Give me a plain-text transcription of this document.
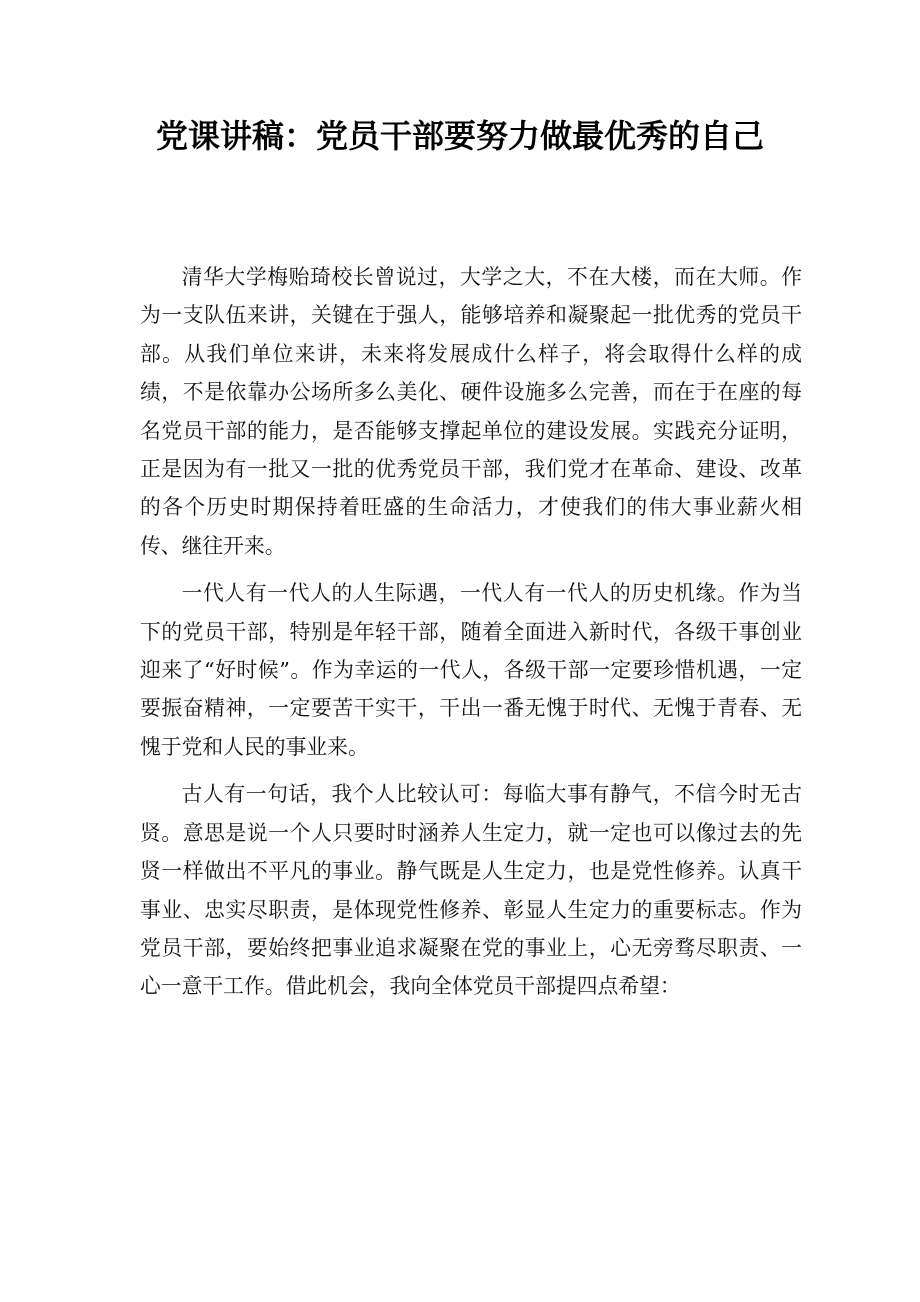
党课讲稿：党员干部要努力做最优秀的自己

清华大学梅贻琦校长曾说过，大学之大，不在大楼，而在大师。作为一支队伍来讲，关键在于强人，能够培养和凝聚起一批优秀的党员干部。从我们单位来讲，未来将发展成什么样子，将会取得什么样的成绩，不是依靠办公场所多么美化、硬件设施多么完善，而在于在座的每名党员干部的能力，是否能够支撑起单位的建设发展。实践充分证明，正是因为有一批又一批的优秀党员干部，我们党才在革命、建设、改革的各个历史时期保持着旺盛的生命活力，才使我们的伟大事业薪火相传、继往开来。

一代人有一代人的人生际遇，一代人有一代人的历史机缘。作为当下的党员干部，特别是年轻干部，随着全面进入新时代，各级干事创业迎来了“好时候”。作为幸运的一代人，各级干部一定要珍惜机遇，一定要振奋精神，一定要苦干实干，干出一番无愧于时代、无愧于青春、无愧于党和人民的事业来。

古人有一句话，我个人比较认可：每临大事有静气，不信今时无古贤。意思是说一个人只要时时涵养人生定力，就一定也可以像过去的先贤一样做出不平凡的事业。静气既是人生定力，也是党性修养。认真干事业、忠实尽职责，是体现党性修养、彰显人生定力的重要标志。作为党员干部，要始终把事业追求凝聚在党的事业上，心无旁骛尽职责、一心一意干工作。借此机会，我向全体党员干部提四点希望：
